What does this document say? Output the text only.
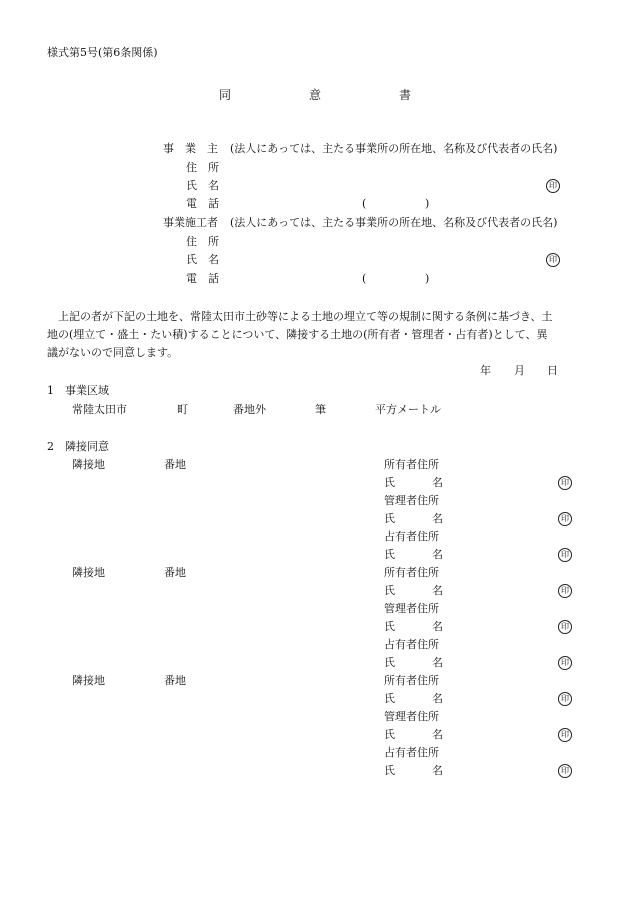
様式第5号(第6条関係)
同	意	書
事　業　主 (法人にあっては、主たる事業所の所在地、名称及び代表者の氏名)
住　所
氏　名	印
電　話	(	)
事業施工者 (法人にあっては、主たる事業所の所在地、名称及び代表者の氏名)
住　所
氏　名	印
電　話	(	)
上記の者が下記の土地を、常陸太田市土砂等による土地の埋立て等の規制に関する条例に基づき、土
地の(埋立て・盛土・たい積)することについて、隣接する土地の(所有者・管理者・占有者)として、異
議がないので同意します。
年 月 日
1　事業区域
常陸太田市	町	番地外	筆	平方メートル
2　隣接同意
隣接地	番地	所有者住所
氏	名	印
管理者住所
氏	名	印
占有者住所
氏	名	印
隣接地	番地	所有者住所
氏	名	印
管理者住所
氏	名	印
占有者住所
氏	名	印
隣接地	番地	所有者住所
氏	名	印
管理者住所
氏	名	印
占有者住所
氏	名	印
